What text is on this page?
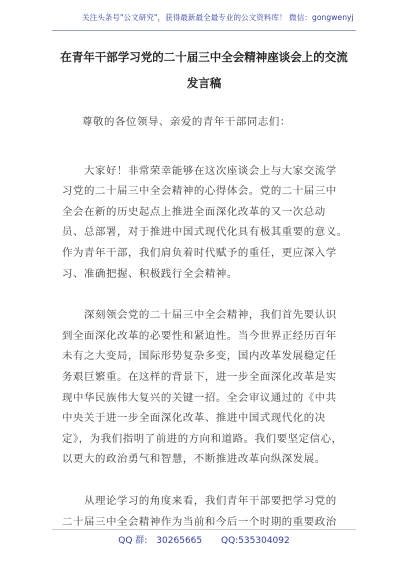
关注头条号"公文研究"，获得最新最全最专业的公文资料库！ 微信：gongwenyj
在青年干部学习党的二十届三中全会精神座谈会上的交流
发言稿

尊敬的各位领导、亲爱的青年干部同志们：

　　大家好！非常荣幸能够在这次座谈会上与大家交流学
习党的二十届三中全会精神的心得体会。党的二十届三中
全会在新的历史起点上推进全面深化改革的又一次总动
员、总部署，对于推进中国式现代化具有极其重要的意义。
作为青年干部，我们肩负着时代赋予的重任，更应深入学
习、准确把握、积极践行全会精神。

　　深刻领会党的二十届三中全会精神，我们首先要认识
到全面深化改革的必要性和紧迫性。当今世界正经历百年
未有之大变局，国际形势复杂多变，国内改革发展稳定任
务艰巨繁重。在这样的背景下，进一步全面深化改革是实
现中华民族伟大复兴的关键一招。全会审议通过的《中共
中央关于进一步全面深化改革、推进中国式现代化的决
定》，为我们指明了前进的方向和道路。我们要坚定信心，
以更大的政治勇气和智慧，不断推进改革向纵深发展。

　　从理论学习的角度来看，我们青年干部要把学习党的
二十届三中全会精神作为当前和今后一个时期的重要政治

QQ 群:　30265665 QQ:535304092
